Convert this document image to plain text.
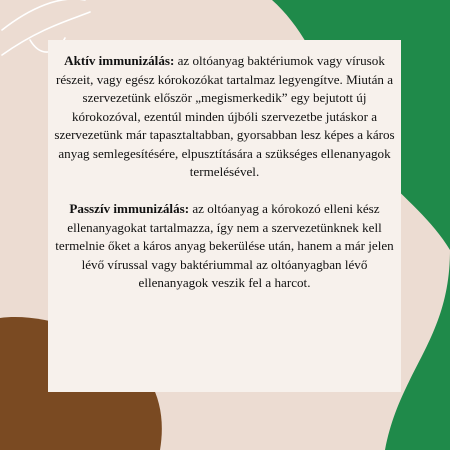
Aktív immunizálás: az oltóanyag baktériumok vagy vírusok részeit, vagy egész kórokozókat tartalmaz legyengítve. Miután a szervezetünk először „megismerkedik” egy bejutott új kórokozóval, ezentúl minden újbóli szervezetbe jutáskor a szervezetünk már tapasztaltabban, gyorsabban lesz képes a káros anyag semlegesítésére, elpusztítására a szükséges ellenanyagok termelésével.

Passzív immunizálás: az oltóanyag a kórokozó elleni kész ellenanyagokat tartalmazza, így nem a szervezetünknek kell termelnie őket a káros anyag bekerülése után, hanem a már jelen lévő vírussal vagy baktériummal az oltóanyagban lévő ellenanyagok veszik fel a harcot.
